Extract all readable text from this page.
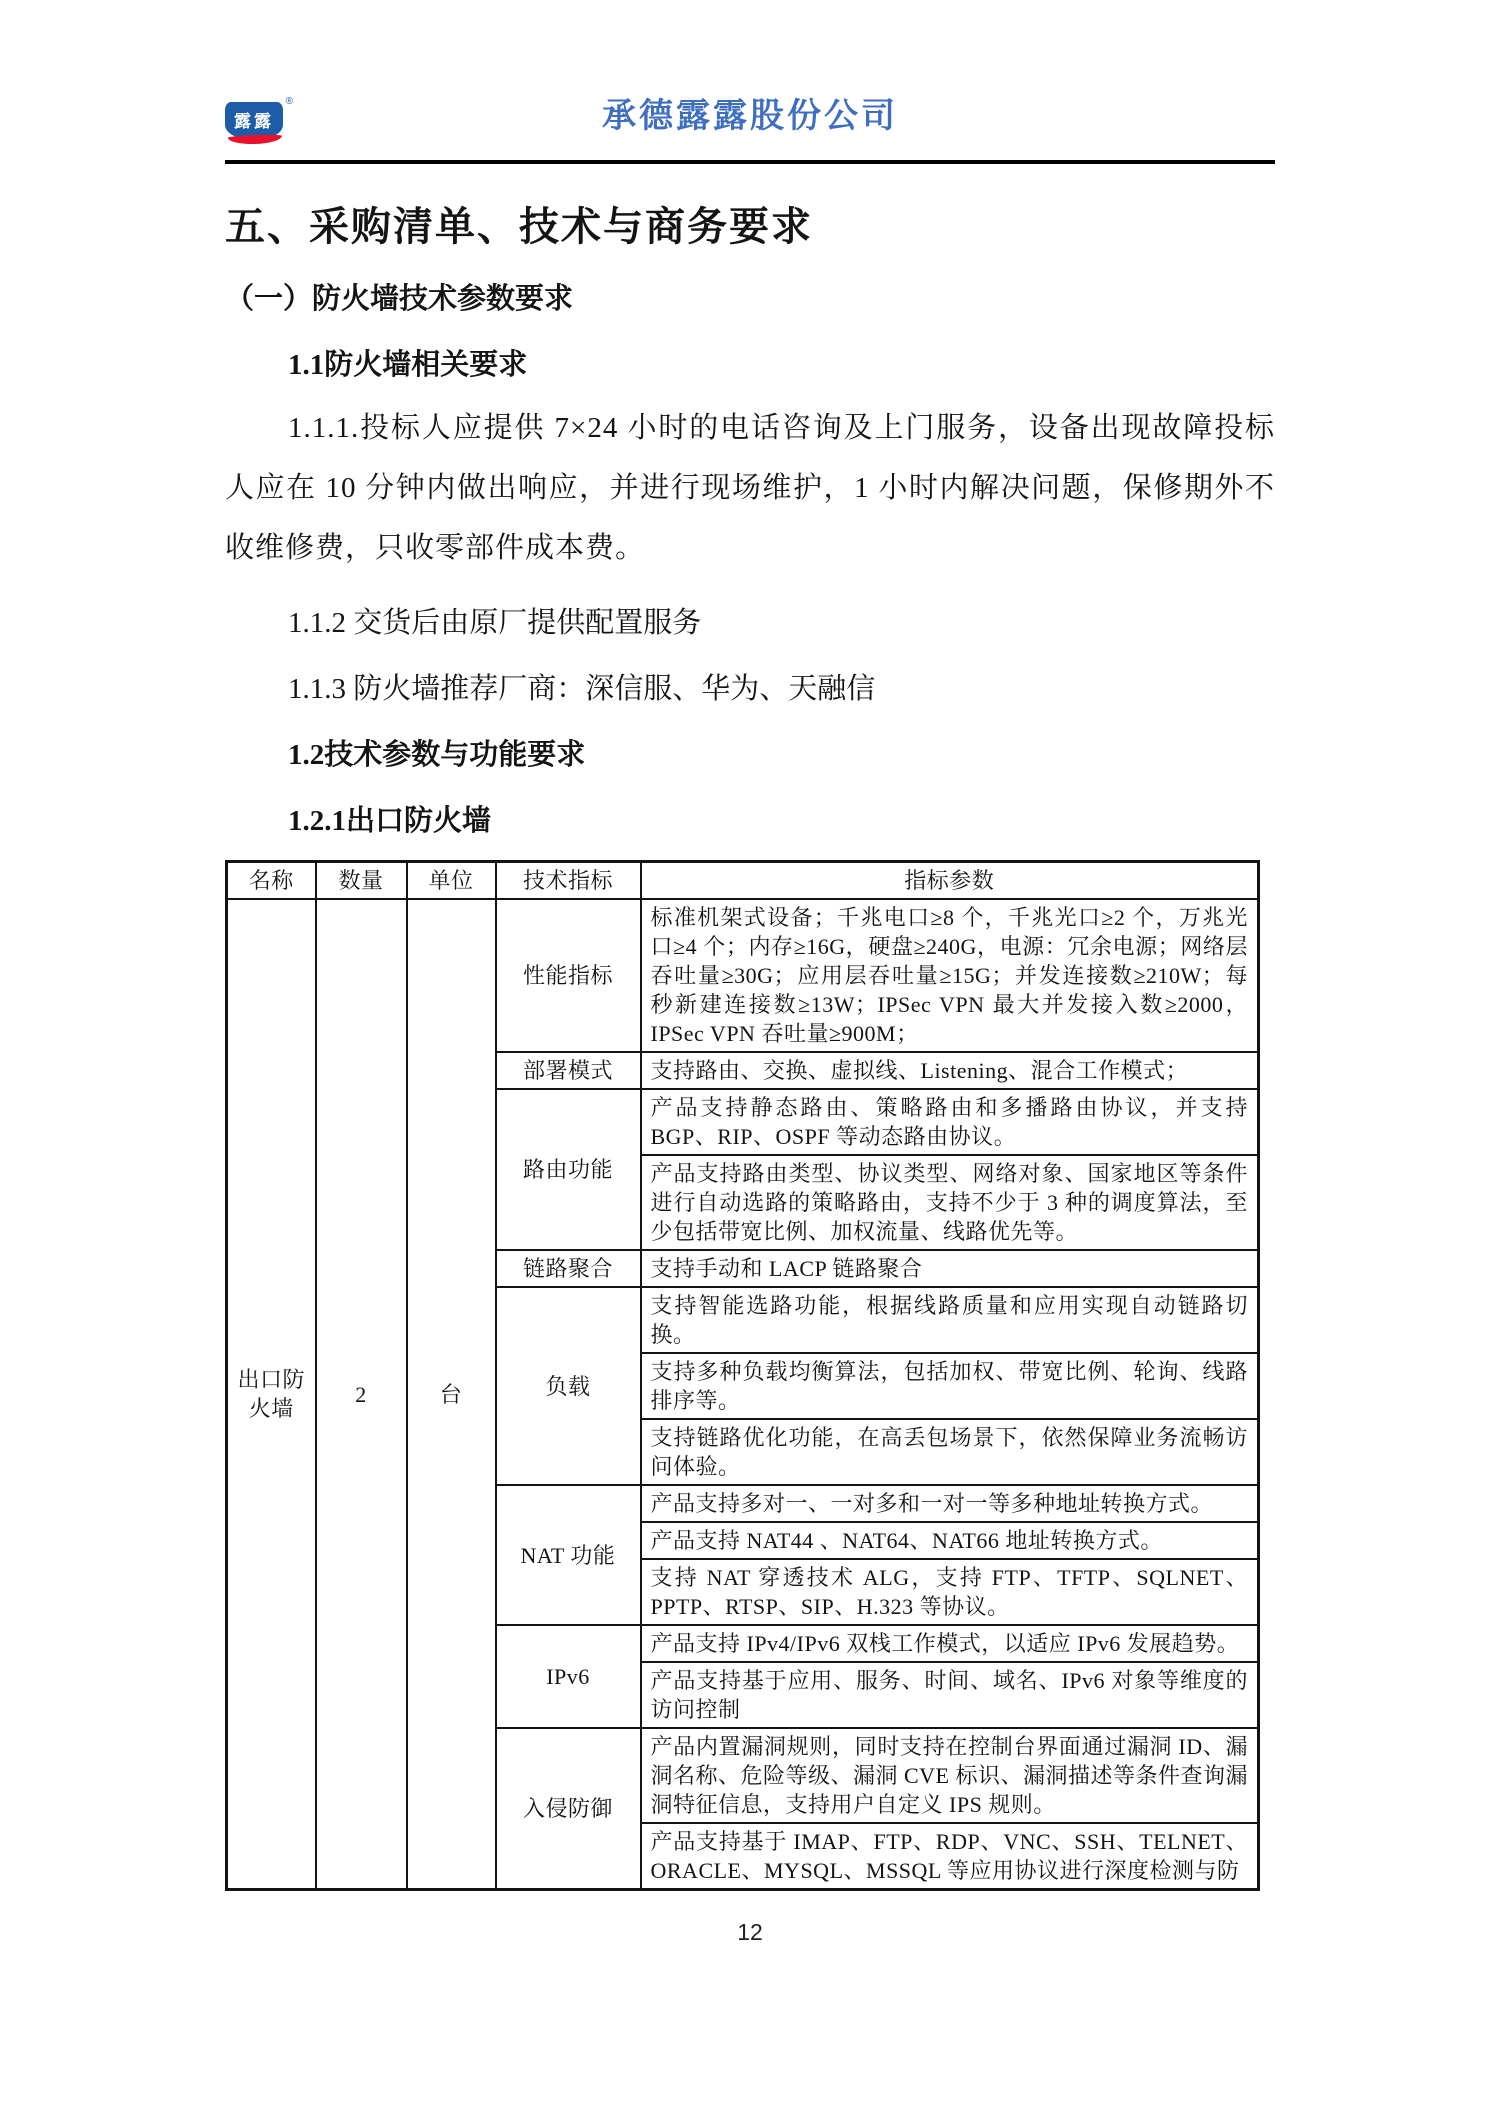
露露
®	承德露露股份公司
五、采购清单、技术与商务要求
（一）防火墙技术参数要求
1.1防火墙相关要求
1.1.1.投标人应提供 7×24 小时的电话咨询及上门服务，设备出现故障投标人应在 10 分钟内做出响应，并进行现场维护，1 小时内解决问题，保修期外不收维修费，只收零部件成本费。
1.1.2 交货后由原厂提供配置服务
1.1.3 防火墙推荐厂商：深信服、华为、天融信
1.2技术参数与功能要求
1.2.1出口防火墙
名称	数量	单位	技术指标	指标参数
出口防火墙	2	台	性能指标	标准机架式设备；千兆电口≥8 个，千兆光口≥2 个，万兆光口≥4 个；内存≥16G，硬盘≥240G，电源：冗余电源；网络层吞吐量≥30G；应用层吞吐量≥15G；并发连接数≥210W；每秒新建连接数≥13W；IPSec VPN 最大并发接入数≥2000，IPSec VPN 吞吐量≥900M；
			部署模式	支持路由、交换、虚拟线、Listening、混合工作模式；
			路由功能	产品支持静态路由、策略路由和多播路由协议，并支持 BGP、RIP、OSPF 等动态路由协议。
				产品支持路由类型、协议类型、网络对象、国家地区等条件进行自动选路的策略路由，支持不少于 3 种的调度算法，至少包括带宽比例、加权流量、线路优先等。
			链路聚合	支持手动和 LACP 链路聚合
			负载	支持智能选路功能，根据线路质量和应用实现自动链路切换。
				支持多种负载均衡算法，包括加权、带宽比例、轮询、线路排序等。
				支持链路优化功能，在高丢包场景下，依然保障业务流畅访问体验。
			NAT 功能	产品支持多对一、一对多和一对一等多种地址转换方式。
				产品支持 NAT44 、NAT64、NAT66 地址转换方式。
				支持 NAT 穿透技术 ALG，支持 FTP、TFTP、SQLNET、PPTP、RTSP、SIP、H.323 等协议。
			IPv6	产品支持 IPv4/IPv6 双栈工作模式，以适应 IPv6 发展趋势。
				产品支持基于应用、服务、时间、域名、IPv6 对象等维度的访问控制
			入侵防御	产品内置漏洞规则，同时支持在控制台界面通过漏洞 ID、漏洞名称、危险等级、漏洞 CVE 标识、漏洞描述等条件查询漏洞特征信息，支持用户自定义 IPS 规则。
				产品支持基于 IMAP、FTP、RDP、VNC、SSH、TELNET、ORACLE、MYSQL、MSSQL 等应用协议进行深度检测与防
12
